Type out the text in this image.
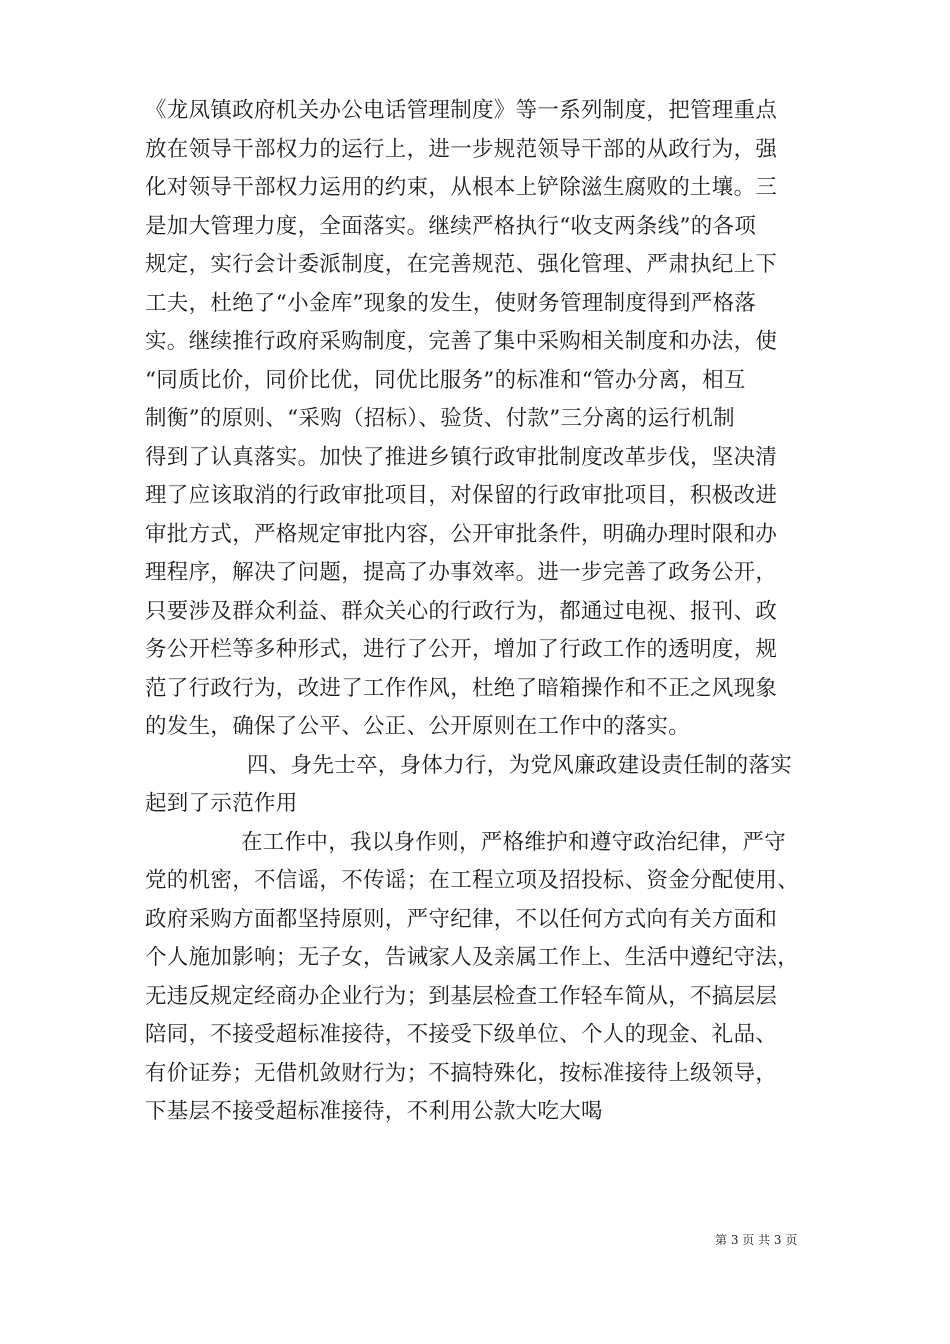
《龙凤镇政府机关办公电话管理制度》等一系列制度，把管理重点
放在领导干部权力的运行上，进一步规范领导干部的从政行为，强
化对领导干部权力运用的约束，从根本上铲除滋生腐败的土壤。三
是加大管理力度，全面落实。继续严格执行“收支两条线”的各项
规定，实行会计委派制度，在完善规范、强化管理、严肃执纪上下
工夫，杜绝了“小金库”现象的发生，使财务管理制度得到严格落
实。继续推行政府采购制度，完善了集中采购相关制度和办法，使
“同质比价，同价比优，同优比服务”的标准和“管办分离，相互
制衡”的原则、“采购（招标）、验货、付款”三分离的运行机制
得到了认真落实。加快了推进乡镇行政审批制度改革步伐，坚决清
理了应该取消的行政审批项目，对保留的行政审批项目，积极改进
审批方式，严格规定审批内容，公开审批条件，明确办理时限和办
理程序，解决了问题，提高了办事效率。进一步完善了政务公开，
只要涉及群众利益、群众关心的行政行为，都通过电视、报刊、政
务公开栏等多种形式，进行了公开，增加了行政工作的透明度，规
范了行政行为，改进了工作作风，杜绝了暗箱操作和不正之风现象
的发生，确保了公平、公正、公开原则在工作中的落实。
四、身先士卒，身体力行，为党风廉政建设责任制的落实
起到了示范作用
在工作中，我以身作则，严格维护和遵守政治纪律，严守
党的机密，不信谣，不传谣；在工程立项及招投标、资金分配使用、
政府采购方面都坚持原则，严守纪律，不以任何方式向有关方面和
个人施加影响；无子女，告诫家人及亲属工作上、生活中遵纪守法，
无违反规定经商办企业行为；到基层检查工作轻车简从，不搞层层
陪同，不接受超标准接待，不接受下级单位、个人的现金、礼品、
有价证券；无借机敛财行为；不搞特殊化，按标准接待上级领导，
下基层不接受超标准接待，不利用公款大吃大喝
第 3 页 共 3 页
